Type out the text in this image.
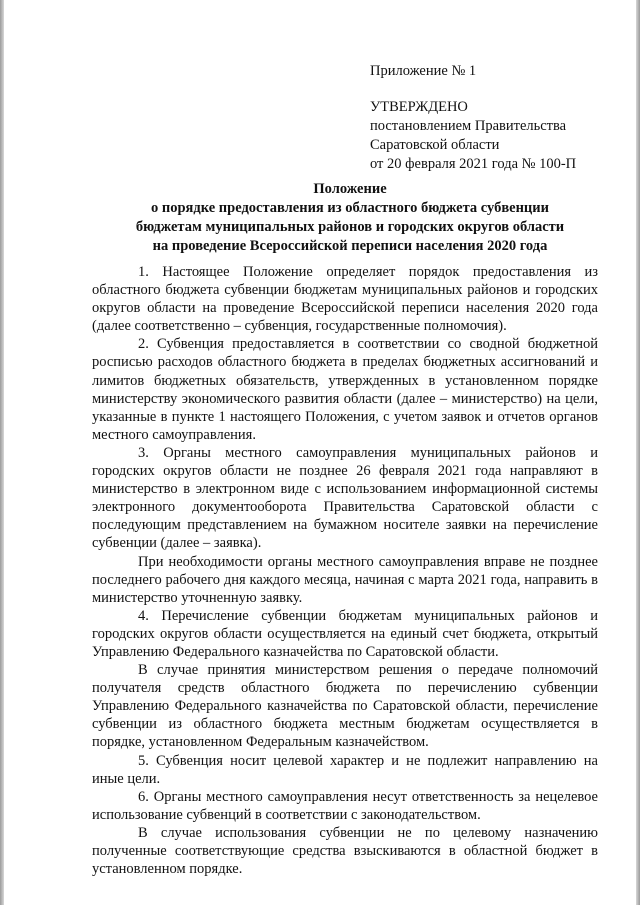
Приложение № 1
УТВЕРЖДЕНО
постановлением Правительства
Саратовской области
от 20 февраля 2021 года № 100-П
Положение
о порядке предоставления из областного бюджета субвенции
бюджетам муниципальных районов и городских округов области
на проведение Всероссийской переписи населения 2020 года

1. Настоящее Положение определяет порядок предоставления из областного бюджета субвенции бюджетам муниципальных районов и городских округов области на проведение Всероссийской переписи населения 2020 года (далее соответственно – субвенция, государственные полномочия).

2. Субвенция предоставляется в соответствии со сводной бюджетной росписью расходов областного бюджета в пределах бюджетных ассигнований и лимитов бюджетных обязательств, утвержденных в установленном порядке министерству экономического развития области (далее – министерство) на цели, указанные в пункте 1 настоящего Положения, с учетом заявок и отчетов органов местного самоуправления.

3. Органы местного самоуправления муниципальных районов и городских округов области не позднее 26 февраля 2021 года направляют в министерство в электронном виде с использованием информационной системы электронного документооборота Правительства Саратовской области с последующим представлением на бумажном носителе заявки на перечисление субвенции (далее – заявка).

При необходимости органы местного самоуправления вправе не позднее последнего рабочего дня каждого месяца, начиная с марта 2021 года, направить в министерство уточненную заявку.

4. Перечисление субвенции бюджетам муниципальных районов и городских округов области осуществляется на единый счет бюджета, открытый Управлению Федерального казначейства по Саратовской области.

В случае принятия министерством решения о передаче полномочий получателя средств областного бюджета по перечислению субвенции Управлению Федерального казначейства по Саратовской области, перечисление субвенции из областного бюджета местным бюджетам осуществляется в порядке, установленном Федеральным казначейством.

5. Субвенция носит целевой характер и не подлежит направлению на иные цели.

6. Органы местного самоуправления несут ответственность за нецелевое использование субвенций в соответствии с законодательством.

В случае использования субвенции не по целевому назначению полученные соответствующие средства взыскиваются в областной бюджет в установленном порядке.
